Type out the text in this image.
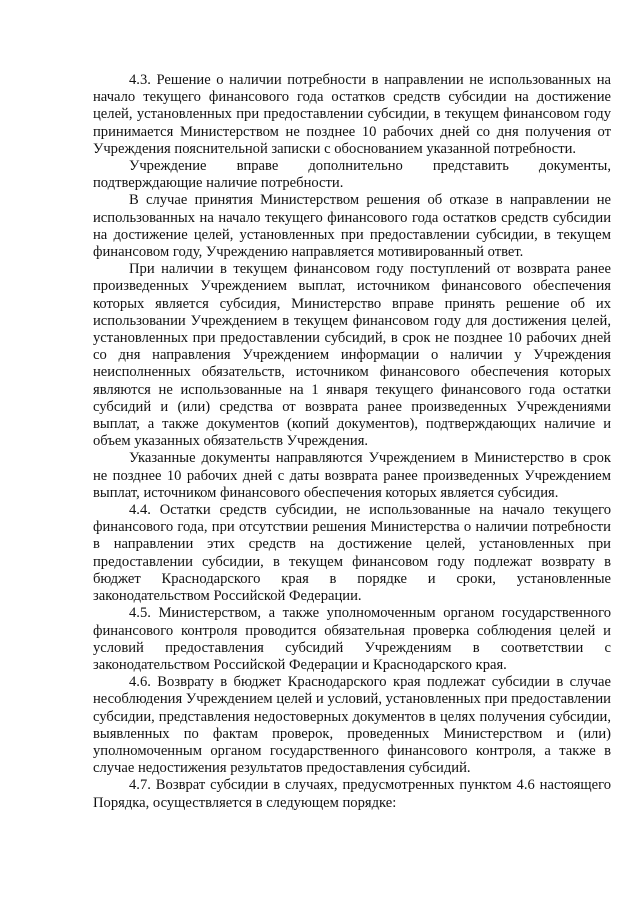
4.3. Решение о наличии потребности в направлении не использованных на начало текущего финансового года остатков средств субсидии на достижение целей, установленных при предоставлении субсидии, в текущем финансовом году принимается Министерством не позднее 10 рабочих дней со дня получения от Учреждения пояснительной записки с обоснованием указанной потребности.

Учреждение вправе дополнительно представить документы, подтверждающие наличие потребности.

В случае принятия Министерством решения об отказе в направлении не использованных на начало текущего финансового года остатков средств субсидии на достижение целей, установленных при предоставлении субсидии, в текущем финансовом году, Учреждению направляется мотивированный ответ.

При наличии в текущем финансовом году поступлений от возврата ранее произведенных Учреждением выплат, источником финансового обеспечения которых является субсидия, Министерство вправе принять решение об их использовании Учреждением в текущем финансовом году для достижения целей, установленных при предоставлении субсидий, в срок не позднее 10 рабочих дней со дня направления Учреждением информации о наличии у Учреждения неисполненных обязательств, источником финансового обеспечения которых являются не использованные на 1 января текущего финансового года остатки субсидий и (или) средства от возврата ранее произведенных Учреждениями выплат, а также документов (копий документов), подтверждающих наличие и объем указанных обязательств Учреждения.

Указанные документы направляются Учреждением в Министерство в срок не позднее 10 рабочих дней с даты возврата ранее произведенных Учреждением выплат, источником финансового обеспечения которых является субсидия.

4.4. Остатки средств субсидии, не использованные на начало текущего финансового года, при отсутствии решения Министерства о наличии потребности в направлении этих средств на достижение целей, установленных при предоставлении субсидии, в текущем финансовом году подлежат возврату в бюджет Краснодарского края в порядке и сроки, установленные законодательством Российской Федерации.

4.5. Министерством, а также уполномоченным органом государственного финансового контроля проводится обязательная проверка соблюдения целей и условий предоставления субсидий Учреждениям в соответствии с законодательством Российской Федерации и Краснодарского края.

4.6. Возврату в бюджет Краснодарского края подлежат субсидии в случае несоблюдения Учреждением целей и условий, установленных при предоставлении субсидии, представления недостоверных документов в целях получения субсидии, выявленных по фактам проверок, проведенных Министерством и (или) уполномоченным органом государственного финансового контроля, а также в случае недостижения результатов предоставления субсидий.

4.7. Возврат субсидии в случаях, предусмотренных пунктом 4.6 настоящего Порядка, осуществляется в следующем порядке:
